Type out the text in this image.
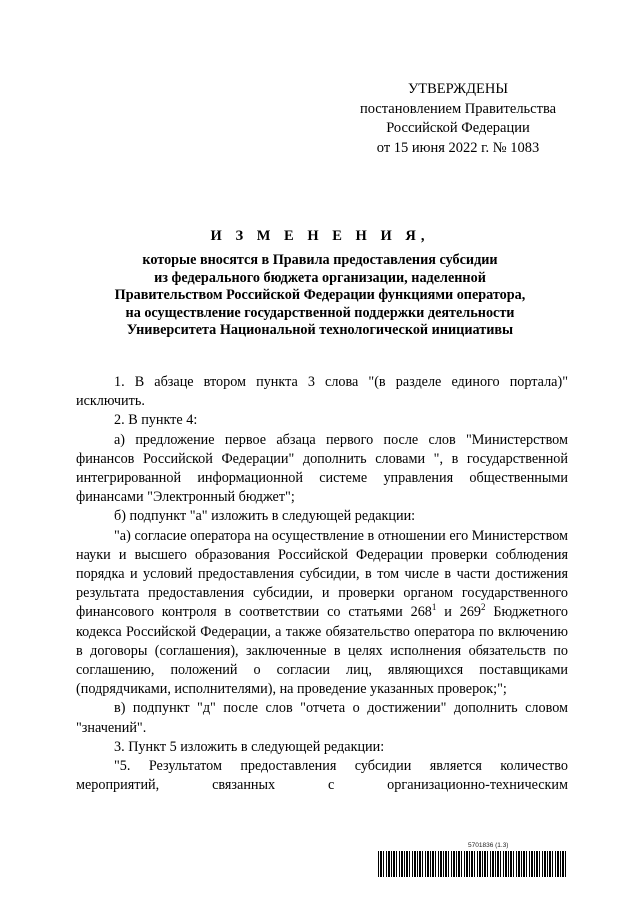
УТВЕРЖДЕНЫ
постановлением Правительства
Российской Федерации
от 15 июня 2022 г. № 1083
И З М Е Н Е Н И Я,
которые вносятся в Правила предоставления субсидии
из федерального бюджета организации, наделенной
Правительством Российской Федерации функциями оператора,
на осуществление государственной поддержки деятельности
Университета Национальной технологической инициативы

1. В абзаце втором пункта 3 слова "(в разделе единого портала)" исключить.

2. В пункте 4:

а) предложение первое абзаца первого после слов "Министерством финансов Российской Федерации" дополнить словами ", в государственной интегрированной информационной системе управления общественными финансами "Электронный бюджет";

б) подпункт "а" изложить в следующей редакции:

"а) согласие оператора на осуществление в отношении его Министерством науки и высшего образования Российской Федерации проверки соблюдения порядка и условий предоставления субсидии, в том числе в части достижения результата предоставления субсидии, и проверки органом государственного финансового контроля в соответствии со статьями $268^1$ и $269^2$ Бюджетного кодекса Российской Федерации, а также обязательство оператора по включению в договоры (соглашения), заключенные в целях исполнения обязательств по соглашению, положений о согласии лиц, являющихся поставщиками (подрядчиками, исполнителями), на проведение указанных проверок;";

в) подпункт "д" после слов "отчета о достижении" дополнить словом "значений".

3. Пункт 5 изложить в следующей редакции:

"5. Результатом предоставления субсидии является количество мероприятий, связанных с организационно-техническим

5701836 (1.3)
